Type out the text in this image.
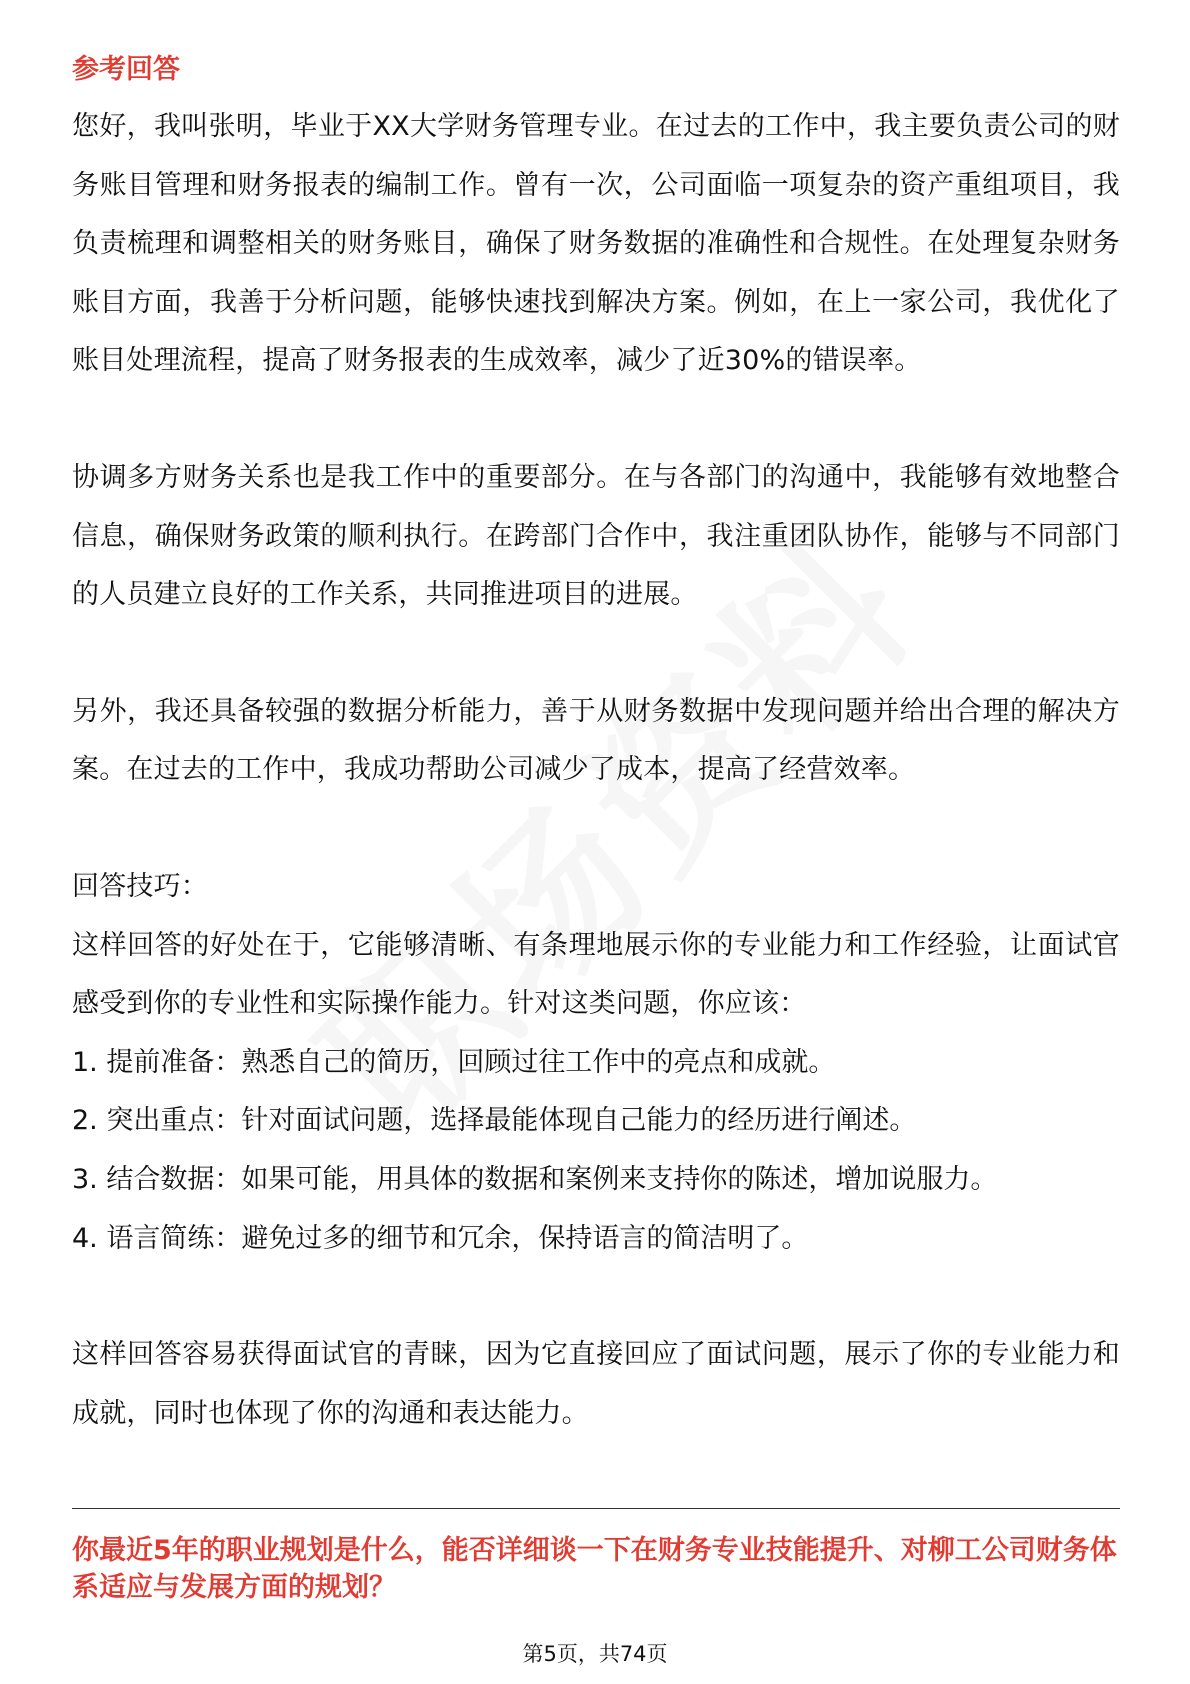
参考回答

您好，我叫张明，毕业于XX大学财务管理专业。在过去的工作中，我主要负责公司的财务账目管理和财务报表的编制工作。曾有一次，公司面临一项复杂的资产重组项目，我负责梳理和调整相关的财务账目，确保了财务数据的准确性和合规性。在处理复杂财务账目方面，我善于分析问题，能够快速找到解决方案。例如，在上一家公司，我优化了账目处理流程，提高了财务报表的生成效率，减少了近30%的错误率。

协调多方财务关系也是我工作中的重要部分。在与各部门的沟通中，我能够有效地整合信息，确保财务政策的顺利执行。在跨部门合作中，我注重团队协作，能够与不同部门的人员建立良好的工作关系，共同推进项目的进展。

另外，我还具备较强的数据分析能力，善于从财务数据中发现问题并给出合理的解决方案。在过去的工作中，我成功帮助公司减少了成本，提高了经营效率。

回答技巧：

这样回答的好处在于，它能够清晰、有条理地展示你的专业能力和工作经验，让面试官感受到你的专业性和实际操作能力。针对这类问题，你应该：

1. 提前准备：熟悉自己的简历，回顾过往工作中的亮点和成就。

2. 突出重点：针对面试问题，选择最能体现自己能力的经历进行阐述。

3. 结合数据：如果可能，用具体的数据和案例来支持你的陈述，增加说服力。

4. 语言简练：避免过多的细节和冗余，保持语言的简洁明了。

这样回答容易获得面试官的青睐，因为它直接回应了面试问题，展示了你的专业能力和成就，同时也体现了你的沟通和表达能力。

你最近5年的职业规划是什么，能否详细谈一下在财务专业技能提升、对柳工公司财务体系适应与发展方面的规划？

第5页，共74页
